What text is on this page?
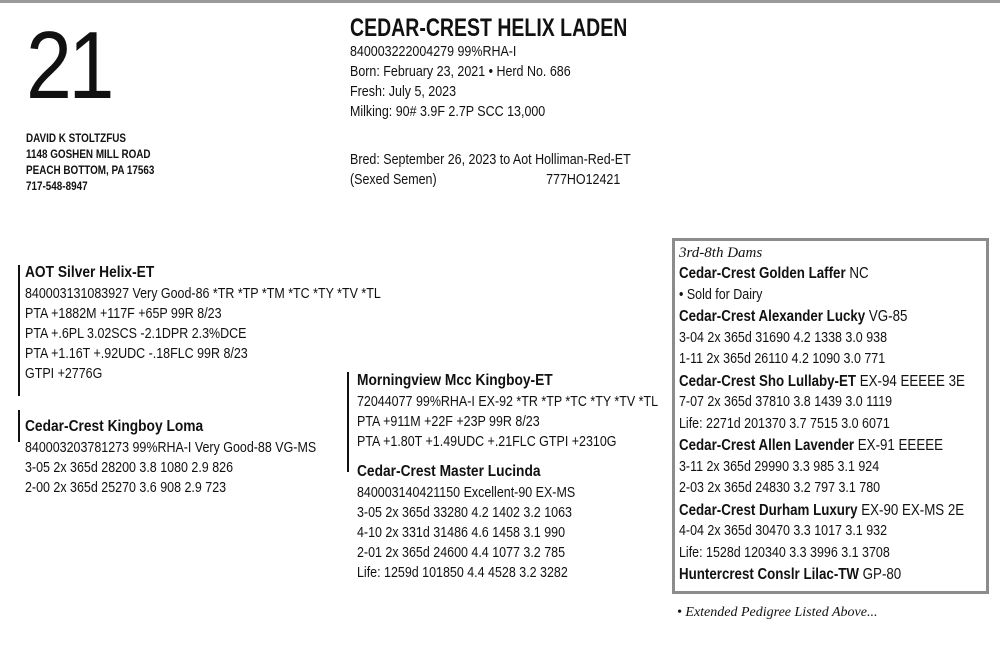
21
DAVID K STOLTZFUS
1148 GOSHEN MILL ROAD
PEACH BOTTOM, PA 17563
717-548-8947
CEDAR-CREST HELIX LADEN
840003222004279 99%RHA-I
Born: February 23, 2021 • Herd No. 686
Fresh: July 5, 2023
Milking: 90# 3.9F 2.7P SCC 13,000
Bred: September 26, 2023 to Aot Holliman-Red-ET
(Sexed Semen)	777HO12421
AOT Silver Helix-ET
840003131083927 Very Good-86 *TR *TP *TM *TC *TY *TV *TL
PTA +1882M +117F +65P 99R 8/23
PTA +.6PL 3.02SCS -2.1DPR 2.3%DCE
PTA +1.16T +.92UDC -.18FLC 99R 8/23
GTPI +2776G
Cedar-Crest Kingboy Loma
840003203781273 99%RHA-I Very Good-88 VG-MS
3-05 2x 365d 28200 3.8 1080 2.9 826
2-00 2x 365d 25270 3.6 908 2.9 723
Morningview Mcc Kingboy-ET
72044077 99%RHA-I EX-92 *TR *TP *TC *TY *TV *TL
PTA +911M +22F +23P 99R 8/23
PTA +1.80T +1.49UDC +.21FLC GTPI +2310G
Cedar-Crest Master Lucinda
840003140421150 Excellent-90 EX-MS
3-05 2x 365d 33280 4.2 1402 3.2 1063
4-10 2x 331d 31486 4.6 1458 3.1 990
2-01 2x 365d 24600 4.4 1077 3.2 785
Life: 1259d 101850 4.4 4528 3.2 3282
3rd-8th Dams
Cedar-Crest Golden Laffer NC
• Sold for Dairy
Cedar-Crest Alexander Lucky VG-85
3-04 2x 365d 31690 4.2 1338 3.0 938
1-11 2x 365d 26110 4.2 1090 3.0 771
Cedar-Crest Sho Lullaby-ET EX-94 EEEEE 3E
7-07 2x 365d 37810 3.8 1439 3.0 1119
Life: 2271d 201370 3.7 7515 3.0 6071
Cedar-Crest Allen Lavender EX-91 EEEEE
3-11 2x 365d 29990 3.3 985 3.1 924
2-03 2x 365d 24830 3.2 797 3.1 780
Cedar-Crest Durham Luxury EX-90 EX-MS 2E
4-04 2x 365d 30470 3.3 1017 3.1 932
Life: 1528d 120340 3.3 3996 3.1 3708
Huntercrest Conslr Lilac-TW GP-80
• Extended Pedigree Listed Above...
